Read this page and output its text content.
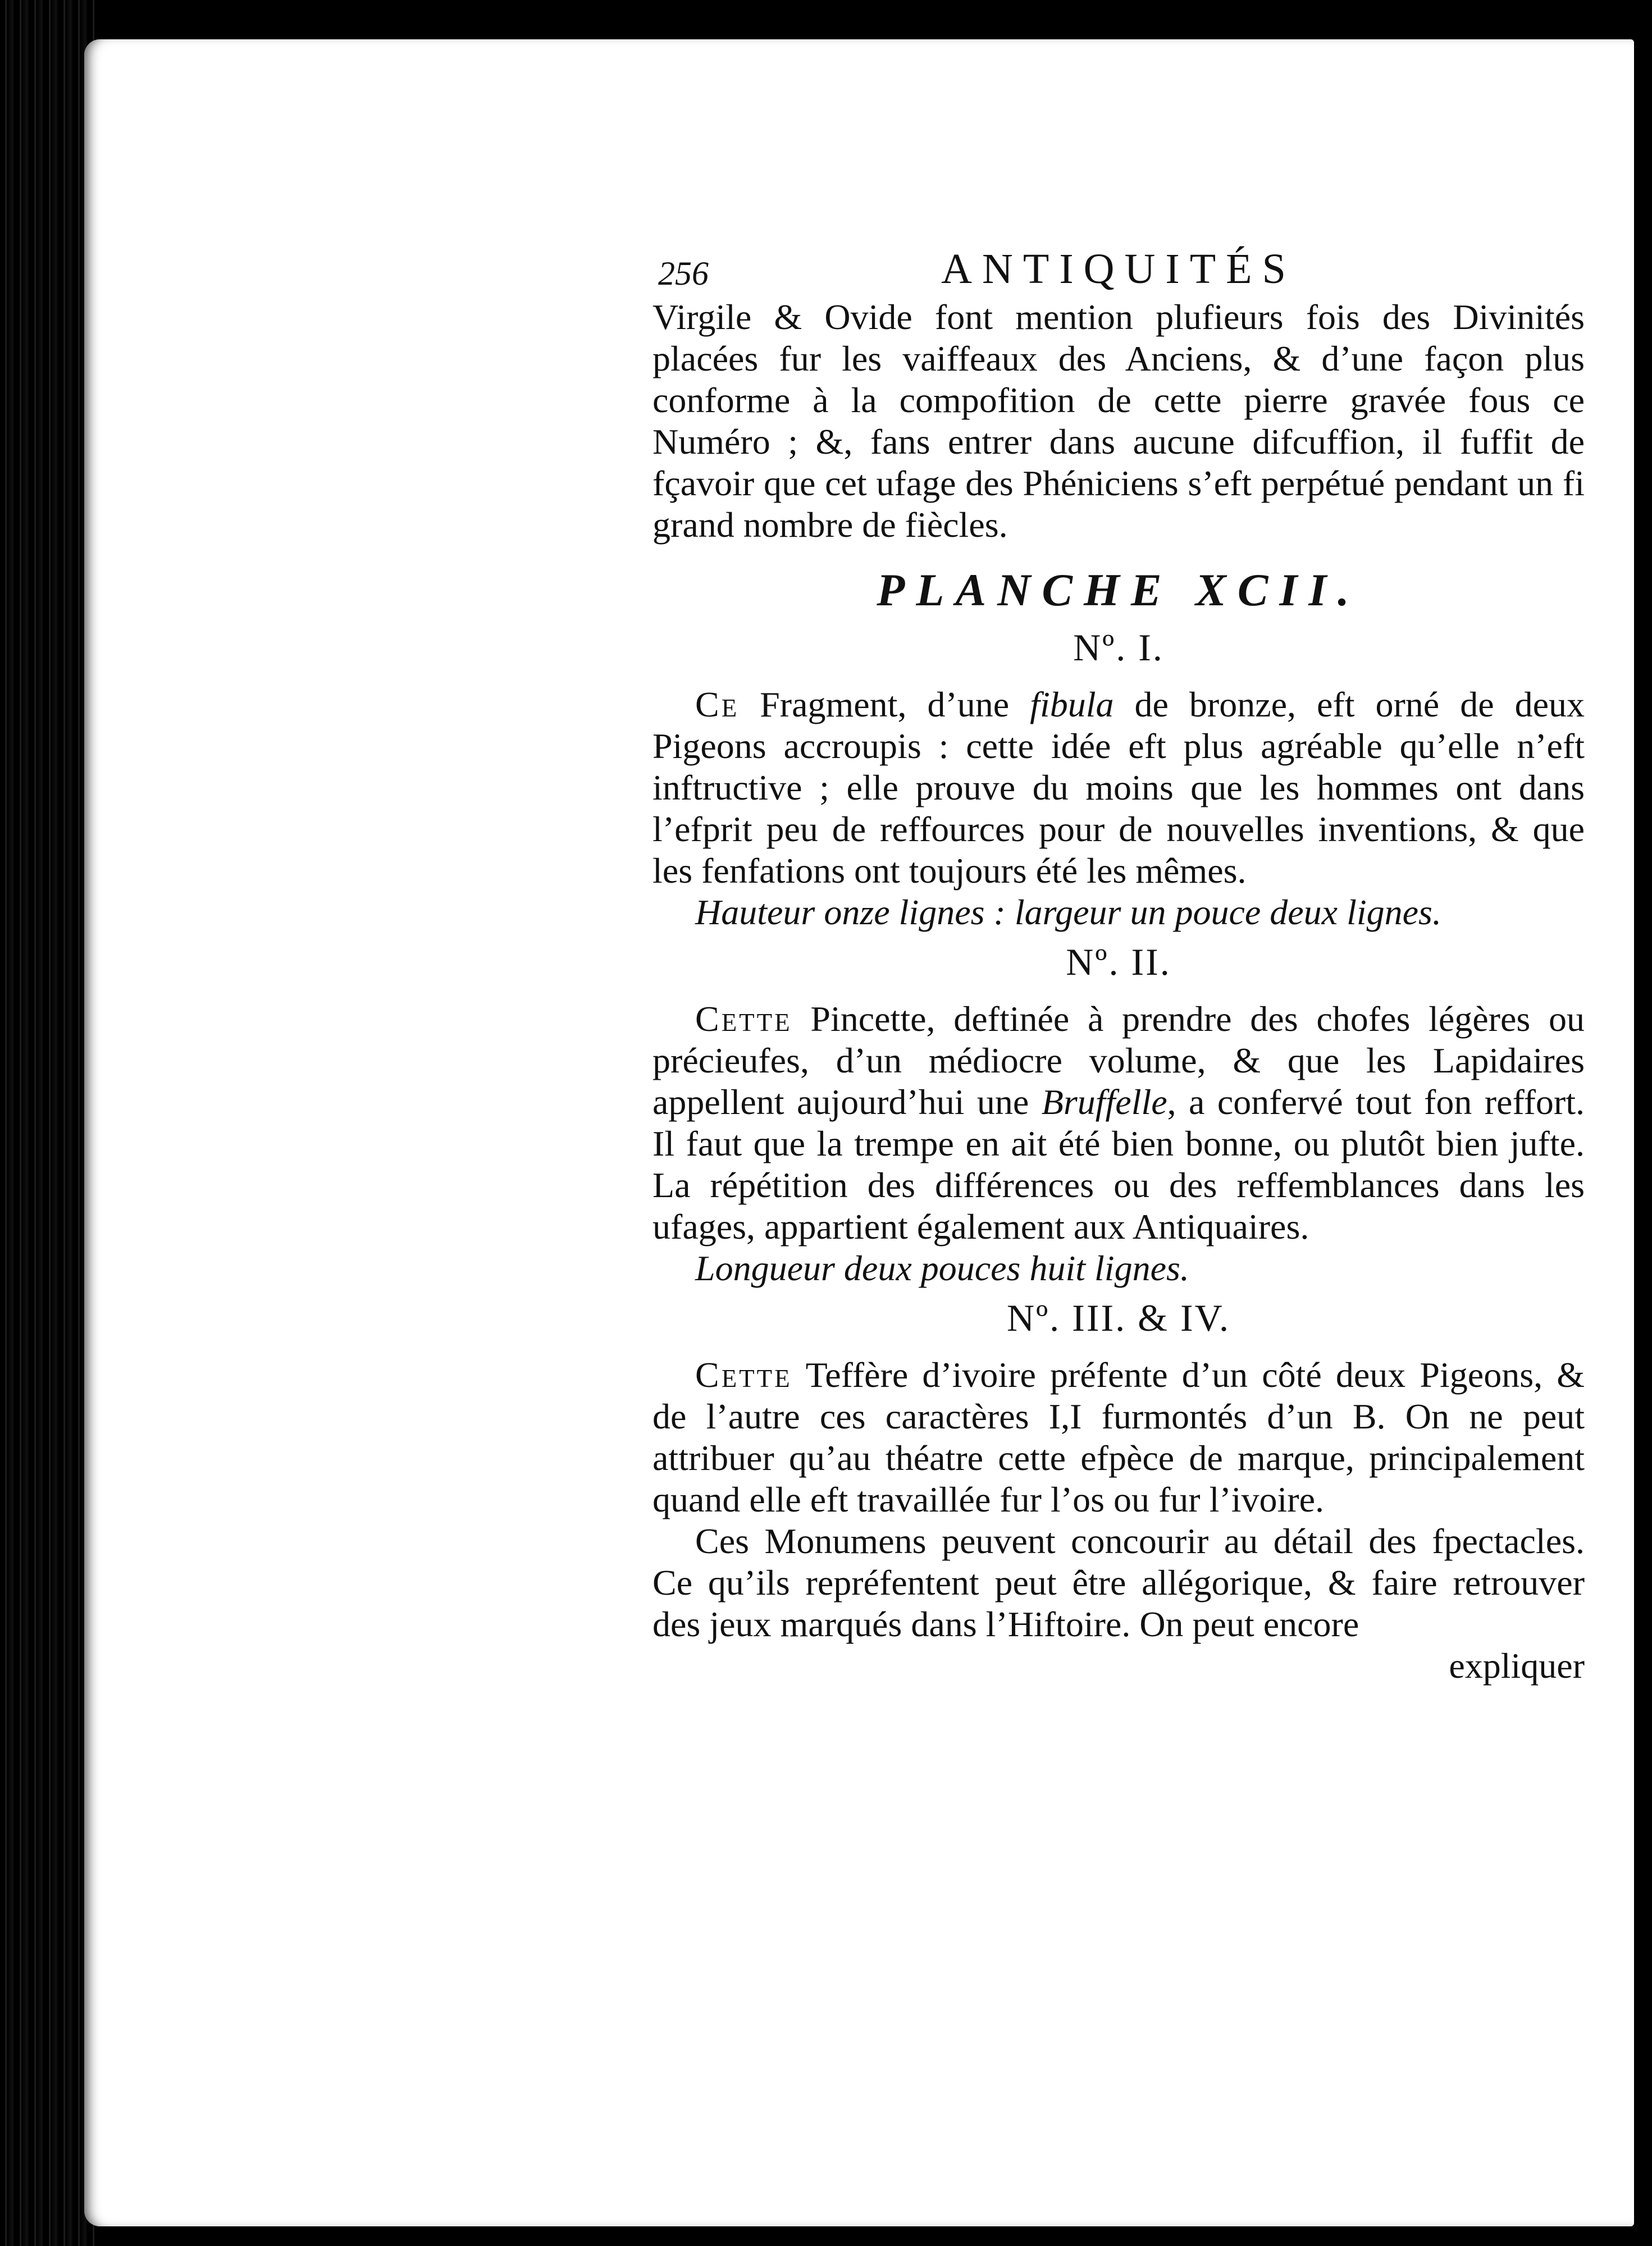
256	ANTIQUITÉS

Virgile & Ovide font mention plufieurs fois des Divinités placées fur les vaiffeaux des Anciens, & d’une façon plus conforme à la compofition de cette pierre gravée fous ce Numéro ; &, fans entrer dans aucune difcuffion, il fuffit de fçavoir que cet ufage des Phéniciens s’eft perpétué pendant un fi grand nombre de fiècles.

PLANCHE XCII.
Nº. I.

Ce Fragment, d’une fibula de bronze, eft orné de deux Pigeons accroupis : cette idée eft plus agréable qu’elle n’eft inftructive ; elle prouve du moins que les hommes ont dans l’efprit peu de reffources pour de nouvelles inventions, & que les fenfations ont toujours été les mêmes.

Hauteur onze lignes : largeur un pouce deux lignes.

Nº. II.

Cette Pincette, deftinée à prendre des chofes légères ou précieufes, d’un médiocre volume, & que les Lapidaires appellent aujourd’hui une Bruffelle, a confervé tout fon reffort. Il faut que la trempe en ait été bien bonne, ou plutôt bien jufte. La répétition des différences ou des reffemblances dans les ufages, appartient également aux Antiquaires.

Longueur deux pouces huit lignes.

Nº. III. & IV.

Cette Teffère d’ivoire préfente d’un côté deux Pigeons, & de l’autre ces caractères I,I furmontés d’un B. On ne peut attribuer qu’au théatre cette efpèce de marque, principalement quand elle eft travaillée fur l’os ou fur l’ivoire.

Ces Monumens peuvent concourir au détail des fpectacles. Ce qu’ils repréfentent peut être allégorique, & faire retrouver des jeux marqués dans l’Hiftoire. On peut encore

expliquer
